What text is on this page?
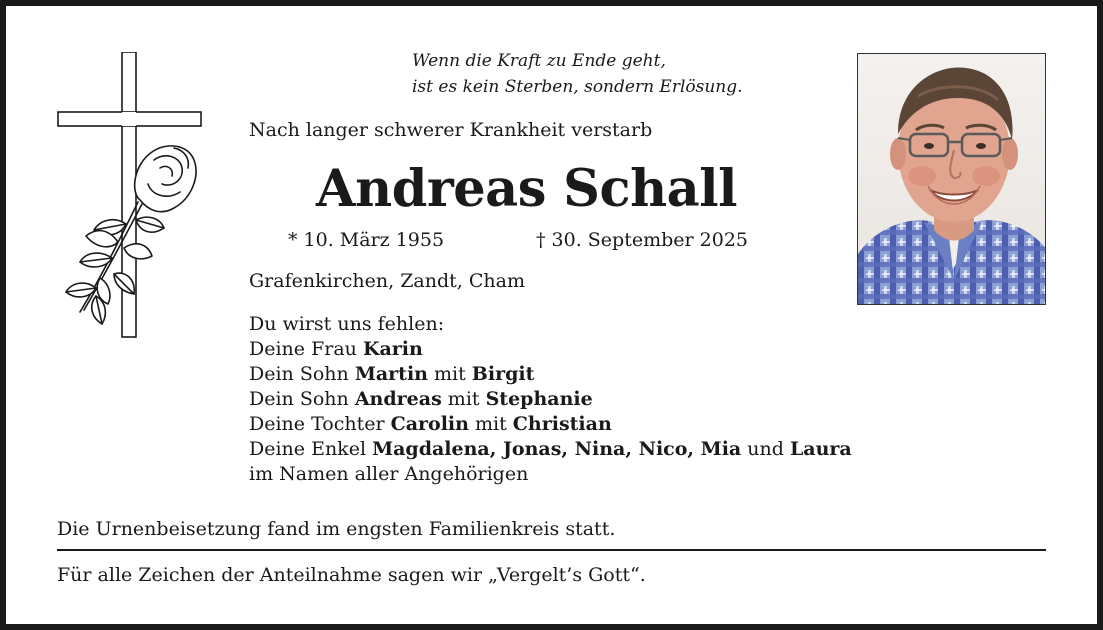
Wenn die Kraft zu Ende geht,
ist es kein Sterben, sondern Erlösung.
Nach langer schwerer Krankheit verstarb
Andreas Schall
* 10. März 1955	† 30. September 2025
Grafenkirchen, Zandt, Cham
Du wirst uns fehlen:
Deine Frau Karin
Dein Sohn Martin mit Birgit
Dein Sohn Andreas mit Stephanie
Deine Tochter Carolin mit Christian
Deine Enkel Magdalena, Jonas, Nina, Nico, Mia und Laura
im Namen aller Angehörigen
Die Urnenbeisetzung fand im engsten Familienkreis statt.
Für alle Zeichen der Anteilnahme sagen wir „Vergelt’s Gott“.
